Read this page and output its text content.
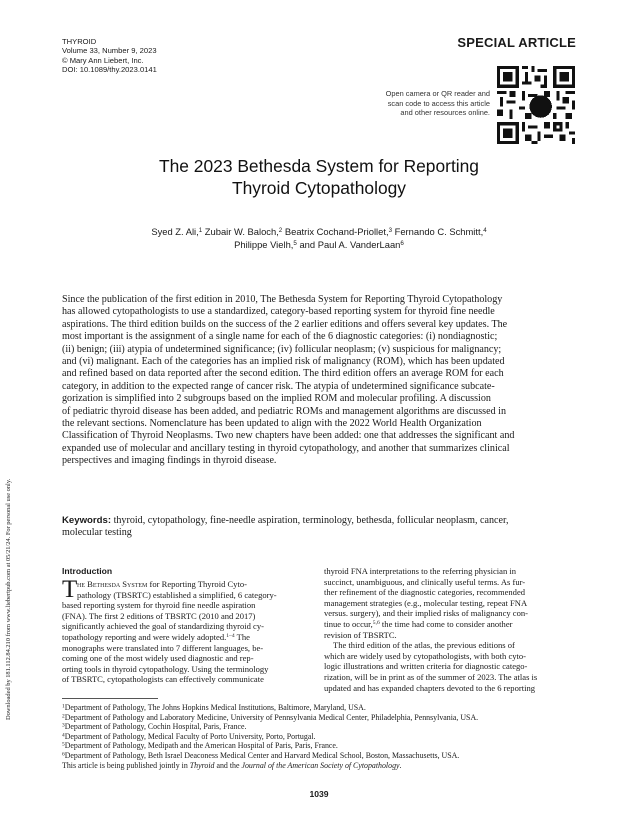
Downloaded by 181.112.84.210 from www.liebertpub.com at 05/21/24. For personal use only.
THYROID
Volume 33, Number 9, 2023
© Mary Ann Liebert, Inc.
DOI: 10.1089/thy.2023.0141
SPECIAL ARTICLE
Open camera or QR reader and
scan code to access this article
and other resources online.
The 2023 Bethesda System for Reporting
Thyroid Cytopathology
Syed Z. Ali,$^1$ Zubair W. Baloch,$^2$ Beatrix Cochand-Priollet,$^3$ Fernando C. Schmitt,$^4$
Philippe Vielh,$^5$ and Paul A. VanderLaan$^6$
Since the publication of the first edition in 2010, The Bethesda System for Reporting Thyroid Cytopathology
has allowed cytopathologists to use a standardized, category-based reporting system for thyroid fine needle
aspirations. The third edition builds on the success of the 2 earlier editions and offers several key updates. The
most important is the assignment of a single name for each of the 6 diagnostic categories: (i) nondiagnostic;
(ii) benign; (iii) atypia of undetermined significance; (iv) follicular neoplasm; (v) suspicious for malignancy;
and (vi) malignant. Each of the categories has an implied risk of malignancy (ROM), which has been updated
and refined based on data reported after the second edition. The third edition offers an average ROM for each
category, in addition to the expected range of cancer risk. The atypia of undetermined significance subcate-
gorization is simplified into 2 subgroups based on the implied ROM and molecular profiling. A discussion
of pediatric thyroid disease has been added, and pediatric ROMs and management algorithms are discussed in
the relevant sections. Nomenclature has been updated to align with the 2022 World Health Organization
Classification of Thyroid Neoplasms. Two new chapters have been added: one that addresses the significant and
expanded use of molecular and ancillary testing in thyroid cytopathology, and another that summarizes clinical
perspectives and imaging findings in thyroid disease.
Keywords: thyroid, cytopathology, fine-needle aspiration, terminology, bethesda, follicular neoplasm, cancer,
molecular testing
Introduction
T he Bethesda System for Reporting Thyroid Cyto-
pathology (TBSRTC) established a simplified, 6 category-
based reporting system for thyroid fine needle aspiration
(FNA). The first 2 editions of TBSRTC (2010 and 2017)
significantly achieved the goal of standardizing thyroid cy-
topathology reporting and were widely adopted.$^{1-4}$ The
monographs were translated into 7 different languages, be-
coming one of the most widely used diagnostic and rep-
orting tools in thyroid cytopathology. Using the terminology
of TBSRTC, cytopathologists can effectively communicate
thyroid FNA interpretations to the referring physician in
succinct, unambiguous, and clinically useful terms. As fur-
ther refinement of the diagnostic categories, recommended
management strategies (e.g., molecular testing, repeat FNA
versus. surgery), and their implied risks of malignancy con-
tinue to occur,$^{5,6}$ the time had come to consider another
revision of TBSRTC.
The third edition of the atlas, the previous editions of
which are widely used by cytopathologists, with both cyto-
logic illustrations and written criteria for diagnostic catego-
rization, will be in print as of the summer of 2023. The atlas is
updated and has expanded chapters devoted to the 6 reporting
$^1$Department of Pathology, The Johns Hopkins Medical Institutions, Baltimore, Maryland, USA.
$^2$Department of Pathology and Laboratory Medicine, University of Pennsylvania Medical Center, Philadelphia, Pennsylvania, USA.
$^3$Department of Pathology, Cochin Hospital, Paris, France.
$^4$Department of Pathology, Medical Faculty of Porto University, Porto, Portugal.
$^5$Department of Pathology, Medipath and the American Hospital of Paris, Paris, France.
$^6$Department of Pathology, Beth Israel Deaconess Medical Center and Harvard Medical School, Boston, Massachusetts, USA.
This article is being published jointly in Thyroid and the Journal of the American Society of Cytopathology.
1039
